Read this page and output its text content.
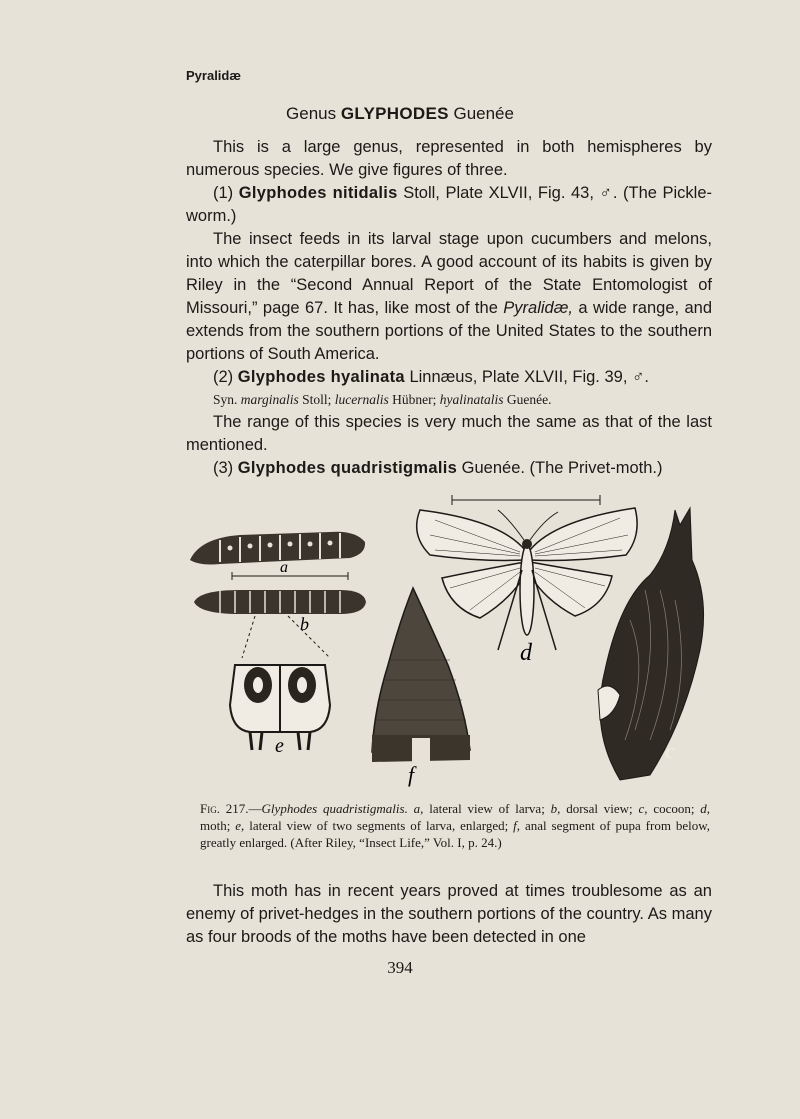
Pyralidæ
Genus GLYPHODES Guenée

This is a large genus, represented in both hemispheres by numerous species. We give figures of three.

(1) Glyphodes nitidalis Stoll, Plate XLVII, Fig. 43, ♂. (The Pickle-worm.)

The insect feeds in its larval stage upon cucumbers and melons, into which the caterpillar bores. A good account of its habits is given by Riley in the “Second Annual Report of the State Entomologist of Missouri,” page 67. It has, like most of the Pyralidæ, a wide range, and extends from the southern portions of the United States to the southern portions of South America.

(2) Glyphodes hyalinata Linnæus, Plate XLVII, Fig. 39, ♂.

Syn. marginalis Stoll; lucernalis Hübner; hyalinatalis Guenée.

The range of this species is very much the same as that of the last mentioned.

(3) Glyphodes quadristigmalis Guenée. (The Privet-moth.)

a
b
e
f
d
c
Fig. 217.—Glyphodes quadristigmalis. a, lateral view of larva; b, dorsal view; c, cocoon; d, moth; e, lateral view of two segments of larva, enlarged; f, anal segment of pupa from below, greatly enlarged. (After Riley, “Insect Life,” Vol. I, p. 24.)

This moth has in recent years proved at times troublesome as an enemy of privet-hedges in the southern portions of the country. As many as four broods of the moths have been detected in one

394
